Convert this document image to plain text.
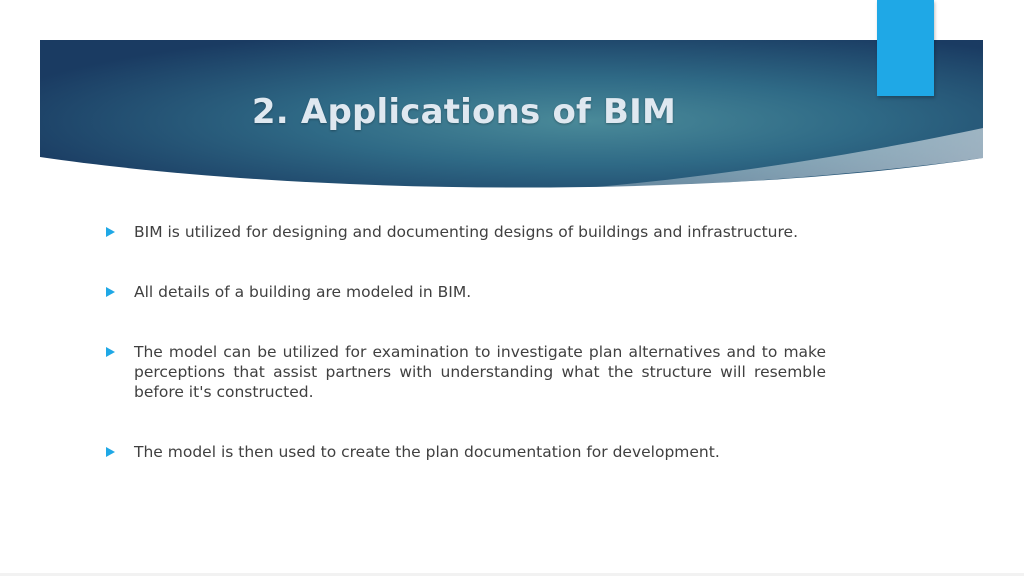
2. Applications of BIM
BIM is utilized for designing and documenting designs of buildings and infrastructure.
All details of a building are modeled in BIM.
The model can be utilized for examination to investigate plan alternatives and to make perceptions that assist partners with understanding what the structure will resemble before it's constructed.
The model is then used to create the plan documentation for development.
